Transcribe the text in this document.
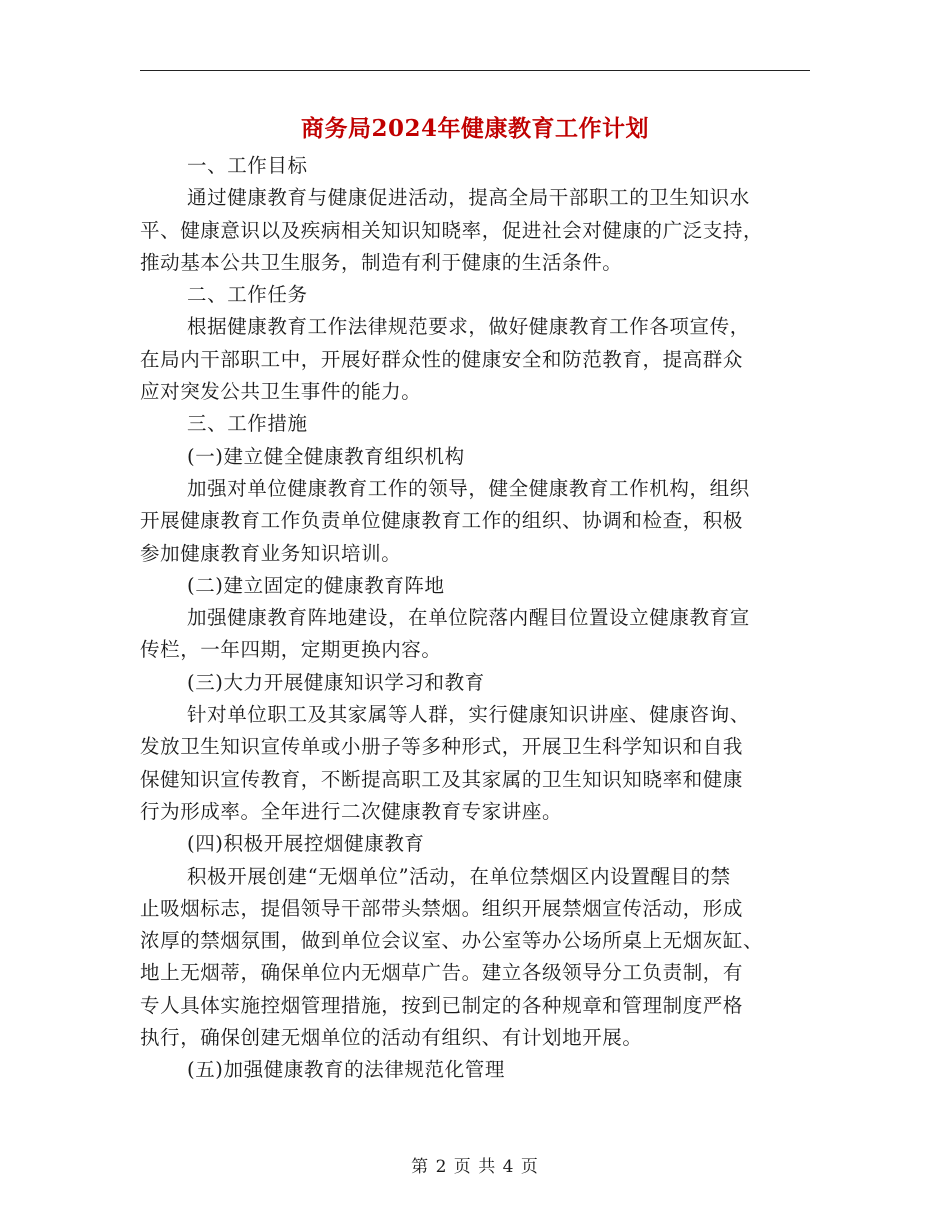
商务局2024年健康教育工作计划
一、工作目标
通过健康教育与健康促进活动，提高全局干部职工的卫生知识水
平、健康意识以及疾病相关知识知晓率，促进社会对健康的广泛支持，
推动基本公共卫生服务，制造有利于健康的生活条件。
二、工作任务
根据健康教育工作法律规范要求，做好健康教育工作各项宣传，
在局内干部职工中，开展好群众性的健康安全和防范教育，提高群众
应对突发公共卫生事件的能力。
三、工作措施
(一)建立健全健康教育组织机构
加强对单位健康教育工作的领导，健全健康教育工作机构，组织
开展健康教育工作负责单位健康教育工作的组织、协调和检查，积极
参加健康教育业务知识培训。
(二)建立固定的健康教育阵地
加强健康教育阵地建设，在单位院落内醒目位置设立健康教育宣
传栏，一年四期，定期更换内容。
(三)大力开展健康知识学习和教育
针对单位职工及其家属等人群，实行健康知识讲座、健康咨询、
发放卫生知识宣传单或小册子等多种形式，开展卫生科学知识和自我
保健知识宣传教育，不断提高职工及其家属的卫生知识知晓率和健康
行为形成率。全年进行二次健康教育专家讲座。
(四)积极开展控烟健康教育
积极开展创建“无烟单位”活动，在单位禁烟区内设置醒目的禁
止吸烟标志，提倡领导干部带头禁烟。组织开展禁烟宣传活动，形成
浓厚的禁烟氛围，做到单位会议室、办公室等办公场所桌上无烟灰缸、
地上无烟蒂，确保单位内无烟草广告。建立各级领导分工负责制，有
专人具体实施控烟管理措施，按到已制定的各种规章和管理制度严格
执行，确保创建无烟单位的活动有组织、有计划地开展。
(五)加强健康教育的法律规范化管理
第 2 页 共 4 页
